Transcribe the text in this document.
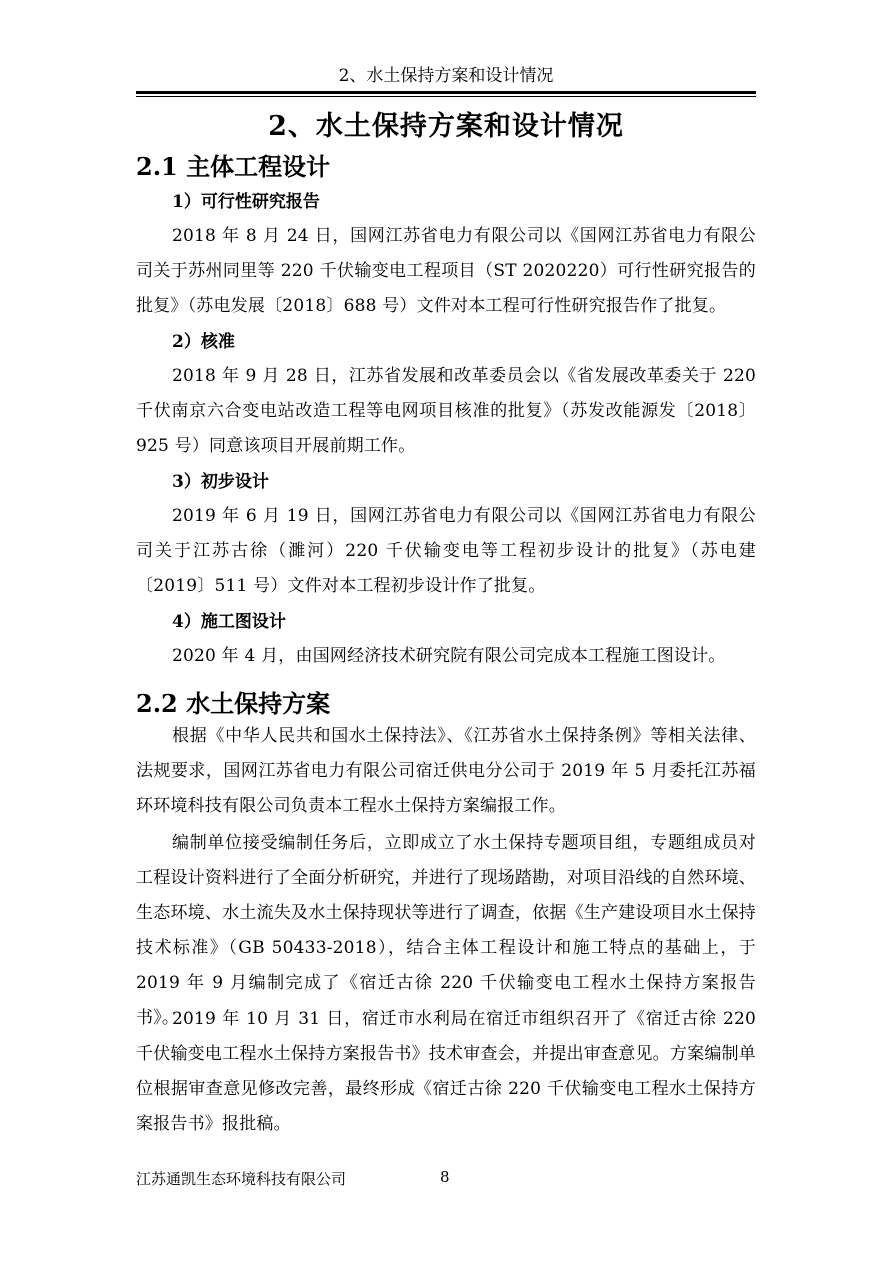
2、水土保持方案和设计情况
2、水土保持方案和设计情况
2.1 主体工程设计
1）可行性研究报告
2018 年 8 月 24 日，国网江苏省电力有限公司以《国网江苏省电力有限公司关于苏州同里等 220 千伏输变电工程项目（ST 2020220）可行性研究报告的批复》（苏电发展〔2018〕688 号）文件对本工程可行性研究报告作了批复。
2）核准
2018 年 9 月 28 日，江苏省发展和改革委员会以《省发展改革委关于 220 千伏南京六合变电站改造工程等电网项目核准的批复》（苏发改能源发〔2018〕925 号）同意该项目开展前期工作。
3）初步设计
2019 年 6 月 19 日，国网江苏省电力有限公司以《国网江苏省电力有限公司关于江苏古徐（濉河）220 千伏输变电等工程初步设计的批复》（苏电建〔2019〕511 号）文件对本工程初步设计作了批复。
4）施工图设计
2020 年 4 月，由国网经济技术研究院有限公司完成本工程施工图设计。
2.2 水土保持方案
根据《中华人民共和国水土保持法》、《江苏省水土保持条例》等相关法律、法规要求，国网江苏省电力有限公司宿迁供电分公司于 2019 年 5 月委托江苏福环环境科技有限公司负责本工程水土保持方案编报工作。
编制单位接受编制任务后，立即成立了水土保持专题项目组，专题组成员对工程设计资料进行了全面分析研究，并进行了现场踏勘，对项目沿线的自然环境、生态环境、水土流失及水土保持现状等进行了调查，依据《生产建设项目水土保持技术标准》（GB 50433-2018），结合主体工程设计和施工特点的基础上，于 2019 年 9 月编制完成了《宿迁古徐 220 千伏输变电工程水土保持方案报告书》。
2019 年 10 月 31 日，宿迁市水利局在宿迁市组织召开了《宿迁古徐 220 千伏输变电工程水土保持方案报告书》技术审查会，并提出审查意见。方案编制单位根据审查意见修改完善，最终形成《宿迁古徐 220 千伏输变电工程水土保持方案报告书》报批稿。
江苏通凯生态环境科技有限公司	8
